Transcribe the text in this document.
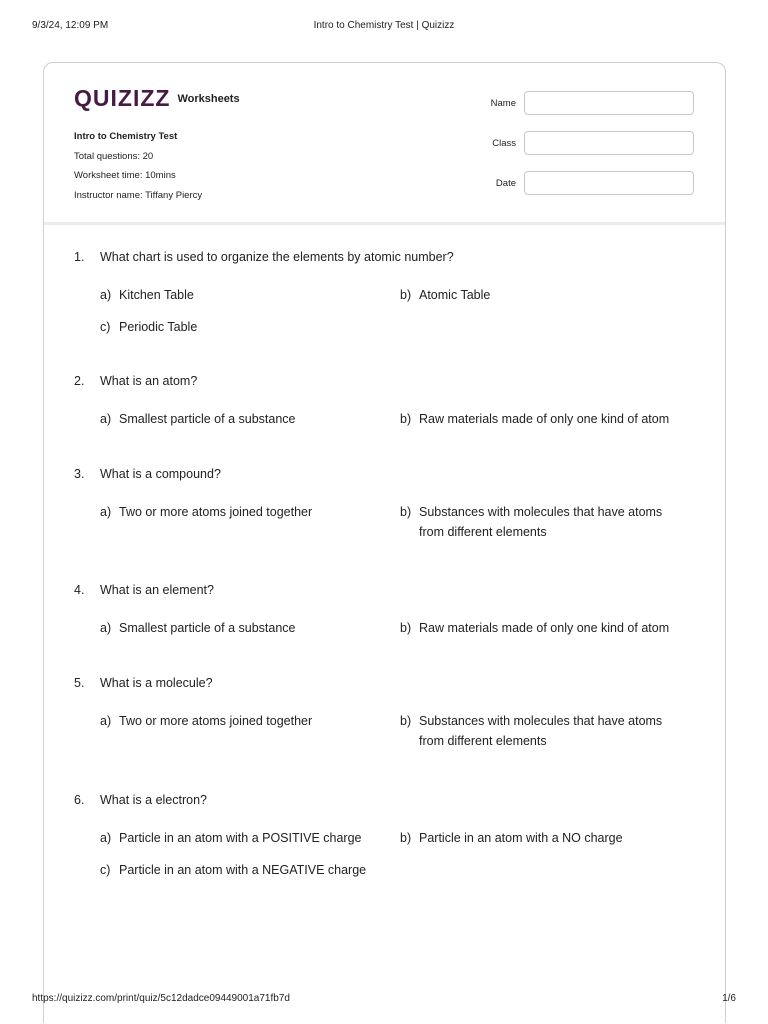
9/3/24, 12:09 PM	Intro to Chemistry Test | Quizizz
QUIZIZZ Worksheets
Intro to Chemistry Test
Total questions: 20
Worksheet time: 10mins
Instructor name: Tiffany Piercy
Name
Class
Date
1.	What chart is used to organize the elements by atomic number?
a) Kitchen Table	b) Atomic Table
c) Periodic Table
2.	What is an atom?
a) Smallest particle of a substance	b) Raw materials made of only one kind of atom
3.	What is a compound?
a) Two or more atoms joined together	b) Substances with molecules that have atoms from different elements
4.	What is an element?
a) Smallest particle of a substance	b) Raw materials made of only one kind of atom
5.	What is a molecule?
a) Two or more atoms joined together	b) Substances with molecules that have atoms from different elements
6.	What is a electron?
a) Particle in an atom with a POSITIVE charge	b) Particle in an atom with a NO charge
c) Particle in an atom with a NEGATIVE charge
https://quizizz.com/print/quiz/5c12dadce09449001a71fb7d	1/6
